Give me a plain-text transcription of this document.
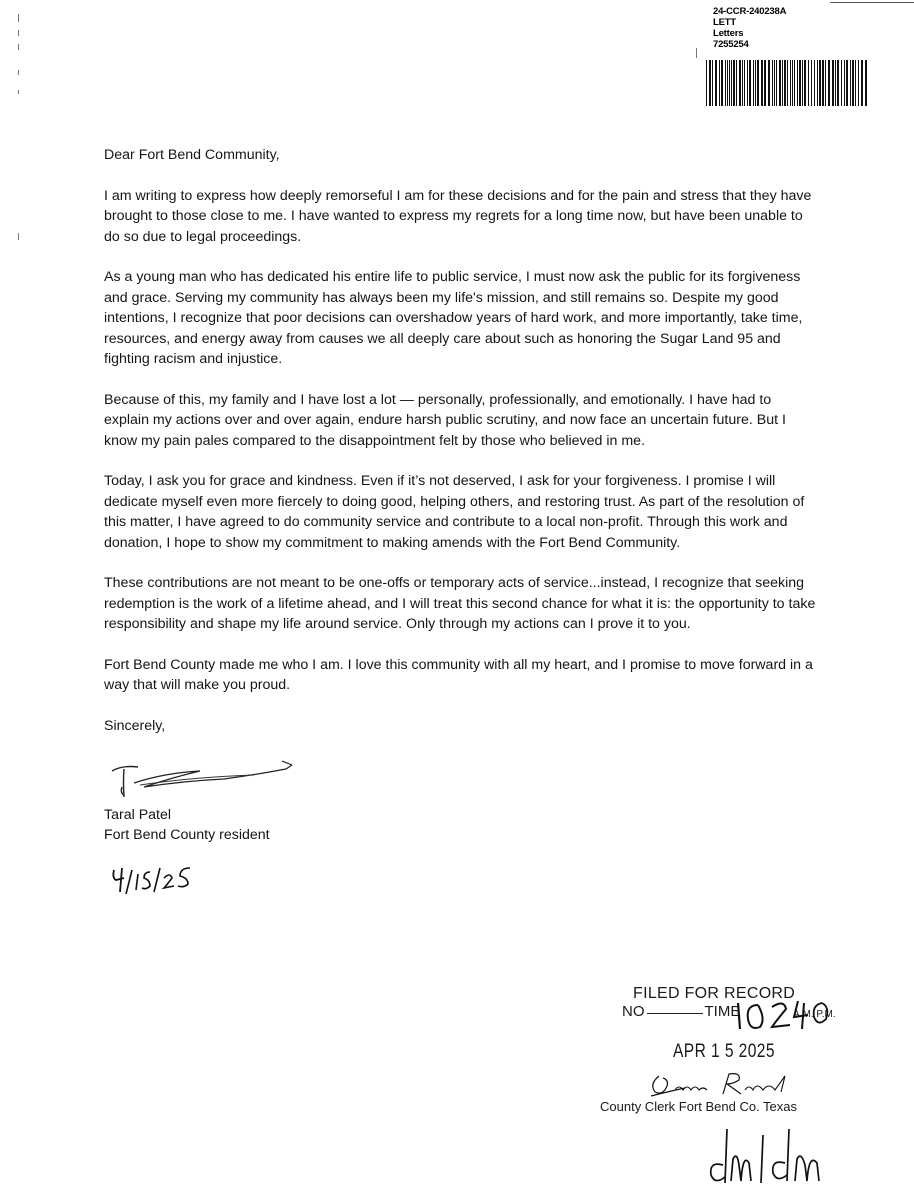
24-CCR-240238A
LETT
Letters
7255254

Dear Fort Bend Community,

I am writing to express how deeply remorseful I am for these decisions and for the pain and stress that they have brought to those close to me. I have wanted to express my regrets for a long time now, but have been unable to do so due to legal proceedings.

As a young man who has dedicated his entire life to public service, I must now ask the public for its forgiveness and grace. Serving my community has always been my life's mission, and still remains so. Despite my good intentions, I recognize that poor decisions can overshadow years of hard work, and more importantly, take time, resources, and energy away from causes we all deeply care about such as honoring the Sugar Land 95 and fighting racism and injustice.

Because of this, my family and I have lost a lot — personally, professionally, and emotionally. I have had to explain my actions over and over again, endure harsh public scrutiny, and now face an uncertain future. But I know my pain pales compared to the disappointment felt by those who believed in me.

Today, I ask you for grace and kindness. Even if it’s not deserved, I ask for your forgiveness. I promise I will dedicate myself even more fiercely to doing good, helping others, and restoring trust. As part of the resolution of this matter, I have agreed to do community service and contribute to a local non-profit. Through this work and donation, I hope to show my commitment to making amends with the Fort Bend Community.

These contributions are not meant to be one-offs or temporary acts of service...instead, I recognize that seeking redemption is the work of a lifetime ahead, and I will treat this second chance for what it is: the opportunity to take responsibility and shape my life around service. Only through my actions can I prove it to you.

Fort Bend County made me who I am. I love this community with all my heart, and I promise to move forward in a way that will make you proud.

Sincerely,

Taral Patel
Fort Bend County resident
FILED FOR RECORD
NO	TIME	A.M. P.M.
APR 1 5 2025
County Clerk Fort Bend Co. Texas
